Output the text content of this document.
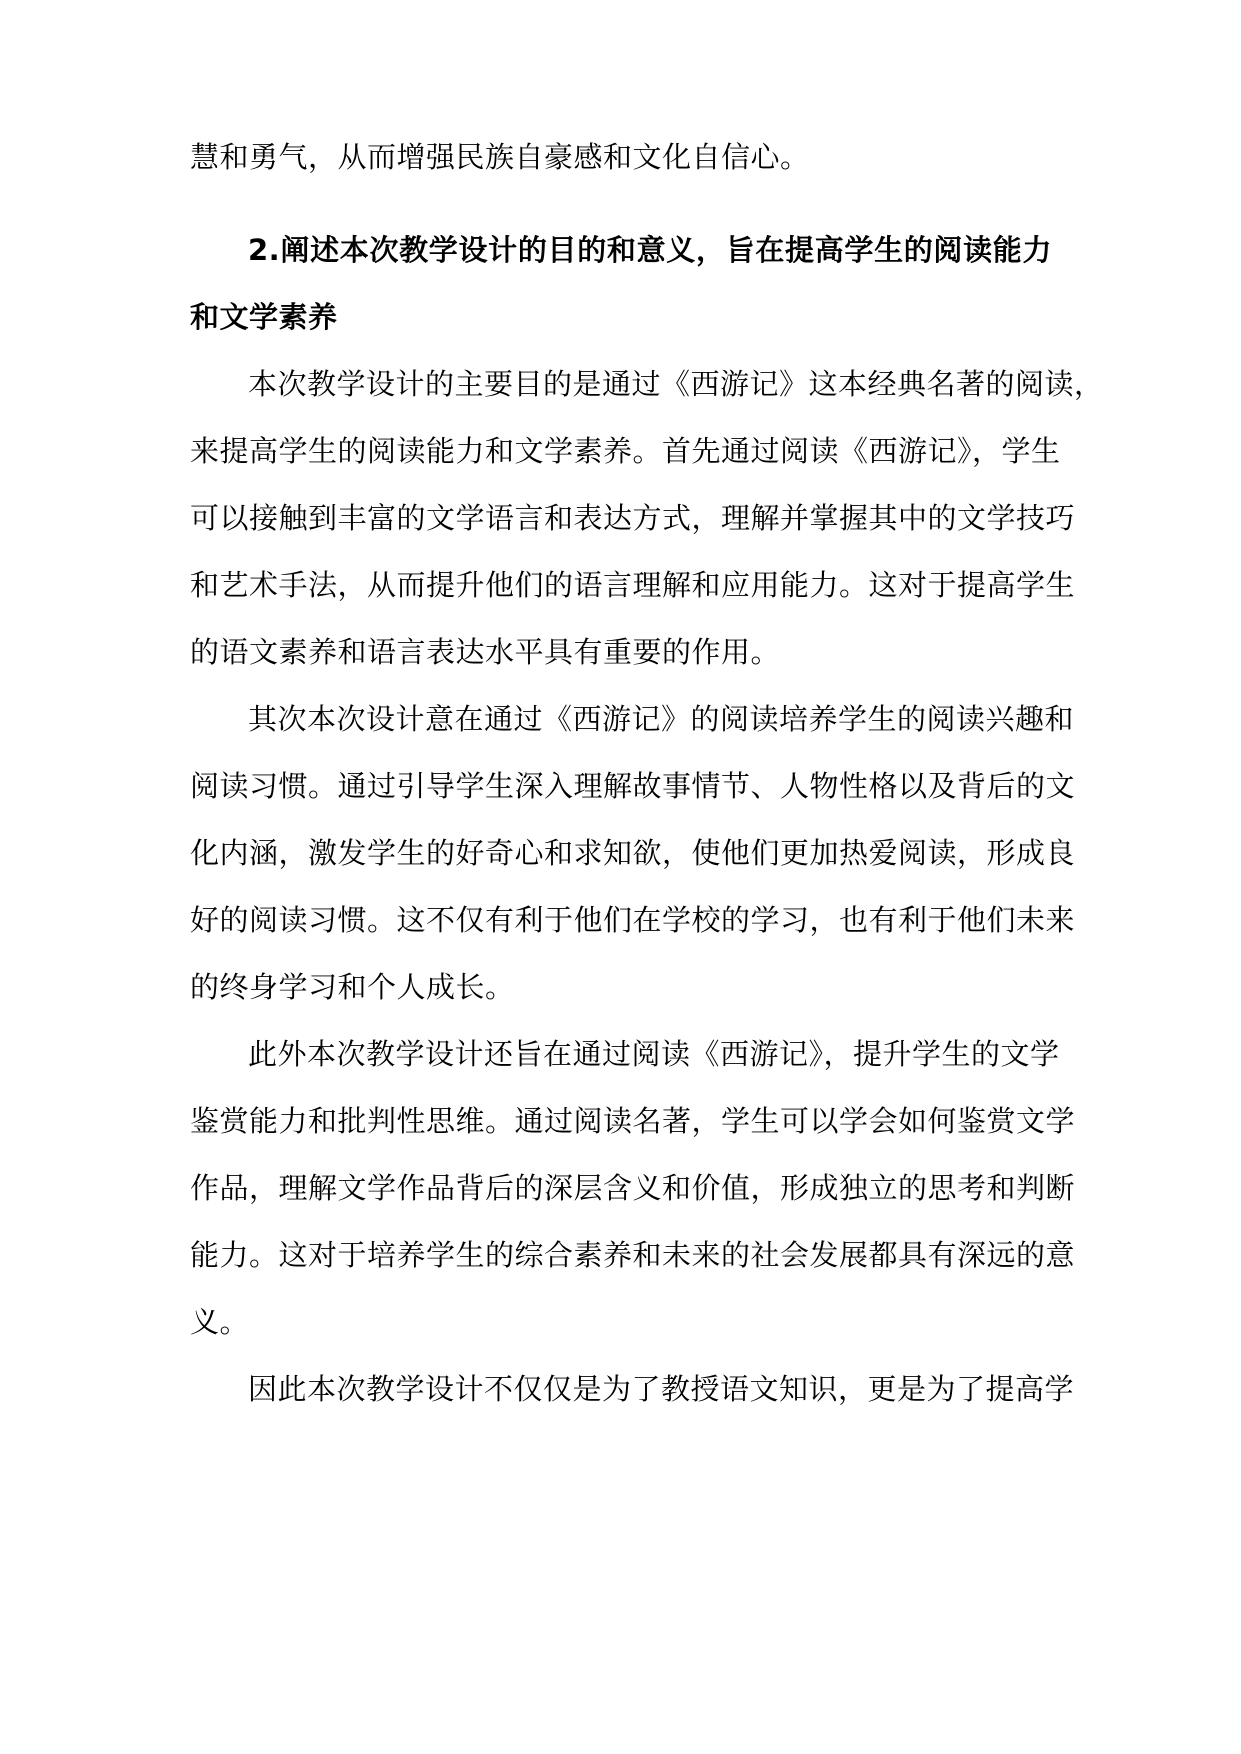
慧和勇气，从而增强民族自豪感和文化自信心。
2.阐述本次教学设计的目的和意义，旨在提高学生的阅读能力
和文学素养
本次教学设计的主要目的是通过《西游记》这本经典名著的阅读，
来提高学生的阅读能力和文学素养。首先通过阅读《西游记》，学生
可以接触到丰富的文学语言和表达方式，理解并掌握其中的文学技巧
和艺术手法，从而提升他们的语言理解和应用能力。这对于提高学生
的语文素养和语言表达水平具有重要的作用。
其次本次设计意在通过《西游记》的阅读培养学生的阅读兴趣和
阅读习惯。通过引导学生深入理解故事情节、人物性格以及背后的文
化内涵，激发学生的好奇心和求知欲，使他们更加热爱阅读，形成良
好的阅读习惯。这不仅有利于他们在学校的学习，也有利于他们未来
的终身学习和个人成长。
此外本次教学设计还旨在通过阅读《西游记》，提升学生的文学
鉴赏能力和批判性思维。通过阅读名著，学生可以学会如何鉴赏文学
作品，理解文学作品背后的深层含义和价值，形成独立的思考和判断
能力。这对于培养学生的综合素养和未来的社会发展都具有深远的意
义。
因此本次教学设计不仅仅是为了教授语文知识，更是为了提高学
